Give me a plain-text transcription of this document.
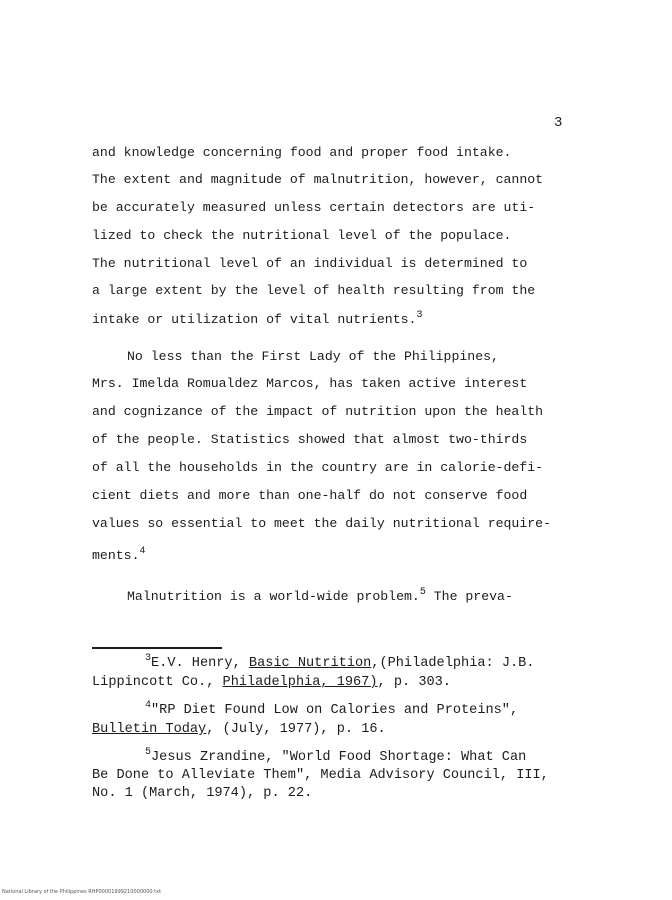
3
and knowledge concerning food and proper food intake.
The extent and magnitude of malnutrition, however, cannot
be accurately measured unless certain detectors are uti-
lized to check the nutritional level of the populace.
The nutritional level of an individual is determined to
a large extent by the level of health resulting from the
intake or utilization of vital nutrients.$^3$
No less than the First Lady of the Philippines,
Mrs. Imelda Romualdez Marcos, has taken active interest
and cognizance of the impact of nutrition upon the health
of the people. Statistics showed that almost two-thirds
of all the households in the country are in calorie-defi-
cient diets and more than one-half do not conserve food
values so essential to meet the daily nutritional require-
ments.$^4$
Malnutrition is a world-wide problem.$^5$ The preva-
$^3$E.V. Henry, Basic Nutrition,(Philadelphia: J.B.
Lippincott Co., Philadelphia, 1967), p. 303.
$^4$"RP Diet Found Low on Calories and Proteins",
Bulletin Today, (July, 1977), p. 16.
$^5$Jesus Zrandine, "World Food Shortage: What Can
Be Done to Alleviate Them", Media Advisory Council, III,
No. 1 (March, 1974), p. 22.
National Library of the Philippines RHP00001999210000000 txt
